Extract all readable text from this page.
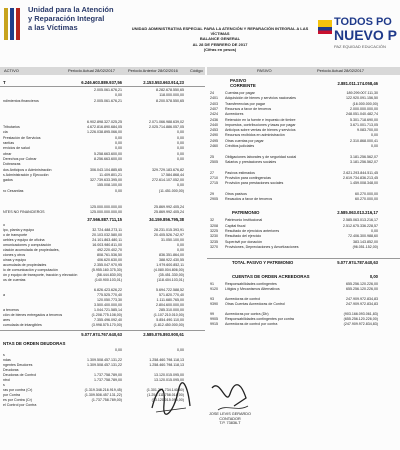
Unidad para la Atención
y Reparación Integral
a las Víctimas	TODOS PO
NUEVO P
PAZ EQUIDAD EDUCACIÓN
UNIDAD ADMINISTRATIVA ESPECIAL PARA LA ATENCIÓN Y REPARACIÓN INTEGRAL A LAS VÍCTIMAS
BALANCE GENERAL
AL 28 DE FEBRERO DE 2017
(Cifras en pesos)
ACTIVO	Periodo Actual 28/02/2017	Periodo Anterior 28/02/2016	Código	PASIVO	Periodo Actual 28/02/2017
T	6.246.603.889.937,56	2.153.553.663.914,23
2.005.061.676,21	8.282.678.550,65
0,00	118.000.000,00
ndimientos financieros	2.005.061.676,21	8.200.578.550,65
6.902.898.327.025,25	2.071.066.988.639,02
Tributarios	4.672.816.890.684,05	2.025.714.886.057,05
cia	1.226.038.895.066,00	0,00
Prestación de Servicios	0,00	0,00
rantías	0,00	0,00
ervicios de salud	0,00	0,00
obrar	5.258.663.600,00	0,00
Derechos por Cobrar	8.256.663.600,00	0,00
Dobranzas
dos Anticipos o Administración	306.043.104.885,65	329.729.183.676,82
s Administración y Ejecución	11.409.801,21	17.584.868,44
gados	327.739.633.395,00	272.614.107.052,00
155.008.100,00	0,00
ro Cesantías	0,00	(11.451.000,00)
125.000.000.000,00	25.869.992.405,24
NTES NO FINANCIEROS	125.000.000.000,00	25.869.992.405,24
37.566.887.711,15	34.159.856.795,38
o
ipo, planta y equipo	32.724.488.273,11	28.231.015.393,91
o de transporte	20.103.032.580,00	20.405.526.742,97
uebles y equipo de oficina	24.101.863.480,11	31.050.100,00
omunicaciones y computación	16.003.980.811,00	0,00
ciación acumulada de propiedades,	492.220.402,70	0,00
ciones y otros	808.761.536,50	836.351.864,00
uinas y equipo	406.620.630,00	388.922.430,55
acumulada de propiedades	2.355.047.970,95	1.979.600.852,11
io de comunicación y computación	(5.955.160.375,30)	(4.080.004.806,00)
ón y equipo de transporte, tracción y elevación	(58.444.830,00)	(35.451.330,00)
os de cuentas	(140.900.103,01)	(118.404.103,01)
6.826.423.626,22	5.694.722.588,52
a	775.525.770,40	571.820.770,40
120.050.773,30	1.111.680.765,00
3.500.400.000,00	2.804.600.000,00
a terceros	1.044.721.585,14	285.310.000,00
ción de bienes entregados a terceros	(1.208.775.108,00)	(1.107.210.010,00)
ares	7.355.496.092,40	5.854.490.110,00
cumulada de intangibles	(3.998.575.170,00)	(1.812.450.000,00)
5.077.974.767.640,63	2.585.076.893.900,61
NTAS DE ORDEN DEUDORAS
0,00	0,00
s
ndas	1.309.508.457.131,22	1.258.460.798.118,13
ngentes Deudores	1.309.508.457.131,22	1.258.460.798.118,13
Deudoras
Deudoras de Control	1.737.758.789,00	13.120.015.095,00
ntrol	1.737.758.789,00	13.120.015.095,00
s
ras por contra (Cr)	(1.319.348.216.919,45)	(1.301.271.734.140,60)
por Contra	(1.309.508.457.131,22)	(1.254.111.758.018,00)
es por Contra (Cr)	(1.737.758.789,00)	(13.120.015.095,00)
el Control por Contra
PASIVO
CORRIENTE	2.881.011.174.058,46
24	Cuentas por pagar	189.299.007.111,30
2401	Adquisición de bienes y servicios nacionales	122.920.091.156,50
2403	Transferencias por pagar	(16.000.000,00)
2407	Recursos a favor de terceros	2.000.000.000,00
2424	Acreedores	248.051.040.482,74
2436	Retención en la fuente e impuesto de timbre	5.301.718.690,00
2440	Impuestos, contribuciones y tasas por pagar	3.671.001.713,05
2453	Anticipos sobre ventas de bienes y servicios	9.083.700,00
2490	Recursos recibidos en administración	0,00
2495	Otras cuentas por pagar	2.310.868.000,41
2460	Créditos judiciales	0,00
25	Obligaciones laborales y de seguridad social	3.181.256.562,07
2505	Salarios y prestaciones sociales	3.181.256.562,07
27	Pasivos estimados	2.621.293.844.511,45
2710	Provisión para contingencias	2.619.734.836.213,45
2715	Provisión para prestaciones sociales	1.459.008.348,00
29	Otros pasivos	60.270.000,00
2905	Recaudos a favor de terceros	60.270.000,00
PATRIMONIO	2.585.063.013.216,17
32	Patrimonio Institucional	2.585.063.013.216,17
3208	Capital fiscal	2.512.675.336.228,57
3225	Resultado de ejercicios anteriores	0,00
3230	Resultado del ejercicio	72.406.300.988,60
3235	Superávit por donación	383.143.852,00
3270	Provisiones, Depreciaciones y Amortizaciones	(96.051.152,00)
TOTAL PASIVO Y PATRIMONIO	5.077.974.787.640,63
CUENTAS DE ORDEN ACREEDORAS	0,00
91	Responsabilidades contingentes	655.256.120.226,00
9120	Litigios y Mecanismos Alternativos	655.256.120.226,00
93	Acreedoras de control	247.909.972.834,83
9390	Otras Cuentas Acreedoras de Control	247.909.972.834,83
99	Acreedoras por contra (Db)	(903.166.093.061,83)
9905	Responsabilidades contingentes por contra	(655.256.120.226,00)
9915	Acreedoras de control por contra	(247.909.972.834,83)
JOSE LEVIS GERARDO
CONTADOR
T.P. 73836-T
